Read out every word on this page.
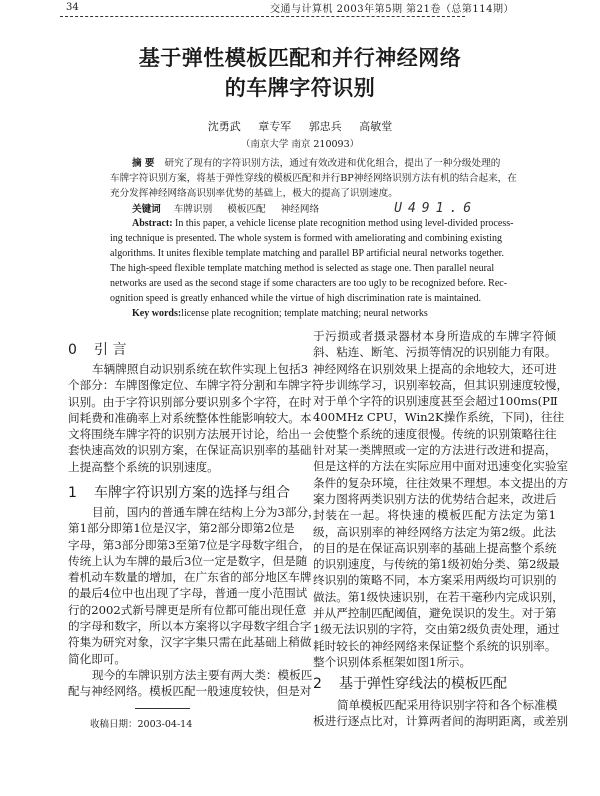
34	交通与计算机 2003年第5期 第21卷（总第114期）
基于弹性模板匹配和并行神经网络
的车牌字符识别
沈勇武 章专军 郭忠兵 高敏堂
（南京大学 南京 210093）
摘 要 研究了现有的字符识别方法，通过有效改进和优化组合，提出了一种分级处理的
车牌字符识别方案，将基于弹性穿线的模板匹配和并行BP神经网络识别方法有机的结合起来，在
充分发挥神经网络高识别率优势的基础上，极大的提高了识别速度。
关键词 车牌识别 模板匹配 神经网络	U491.6
Abstract: In this paper, a vehicle license plate recognition method using level-divided process-
ing technique is presented. The whole system is formed with ameliorating and combining existing
algorithms. It unites flexible template matching and parallel BP artificial neural networks together.
The high-speed flexible template matching method is selected as stage one. Then parallel neural
networks are used as the second stage if some characters are too ugly to be recognized before. Rec-
ognition speed is greatly enhanced while the virtue of high discrimination rate is maintained.
Key words:license plate recognition; template matching; neural networks
0 引 言
车辆牌照自动识别系统在软件实现上包括3
个部分：车牌图像定位、车牌字符分割和车牌字符
识别。由于字符识别部分要识别多个字符，在时
间耗费和准确率上对系统整体性能影响较大。本
文将围绕车牌字符的识别方法展开讨论，给出一
套快速高效的识别方案，在保证高识别率的基础
上提高整个系统的识别速度。
1 车牌字符识别方案的选择与组合
目前，国内的普通车牌在结构上分为3部分，
第1部分即第1位是汉字，第2部分即第2位是
字母，第3部分即第3至第7位是字母数字组合，
传统上认为车牌的最后3位一定是数字，但是随
着机动车数量的增加，在广东省的部分地区车牌
的最后4位中也出现了字母，普通一度小范围试
行的2002式新号牌更是所有位都可能出现任意
的字母和数字，所以本方案将以字母数字组合字
符集为研究对象，汉字字集只需在此基础上稍做
简化即可。
现今的车牌识别方法主要有两大类：模板匹
配与神经网络。模板匹配一般速度较快，但是对
收稿日期：2003-04-14
于污损或者摄录器材本身所造成的车牌字符倾
斜、粘连、断笔、污损等情况的识别能力有限。
神经网络在识别效果上提高的余地较大，还可进
一步训练学习，识别率较高，但其识别速度较慢，
对于单个字符的识别速度甚至会超过100ms(PⅡ
400MHz CPU，Win2K操作系统，下同)，往往
会使整个系统的速度很慢。传统的识别策略往往
针对某一类牌照或一定的方法进行改进和提高，
但是这样的方法在实际应用中面对迅速变化实验室
条件的复杂环境，往往效果不理想。本文提出的方
案力图将两类识别方法的优势结合起来，改进后
封装在一起。将快速的模板匹配方法定为第1
级，高识别率的神经网络方法定为第2级。此法
的目的是在保证高识别率的基础上提高整个系统
的识别速度，与传统的第1级初始分类、第2级最
终识别的策略不同，本方案采用两级均可识别的
做法。第1级快速识别，在若干毫秒内完成识别，
并从严控制匹配阈值，避免误识的发生。对于第
1级无法识别的字符，交由第2级负责处理，通过
耗时较长的神经网络来保证整个系统的识别率。
整个识别体系框架如图1所示。
2 基于弹性穿线法的模板匹配
简单模板匹配采用待识别字符和各个标准模
板进行逐点比对，计算两者间的海明距离，或差别
